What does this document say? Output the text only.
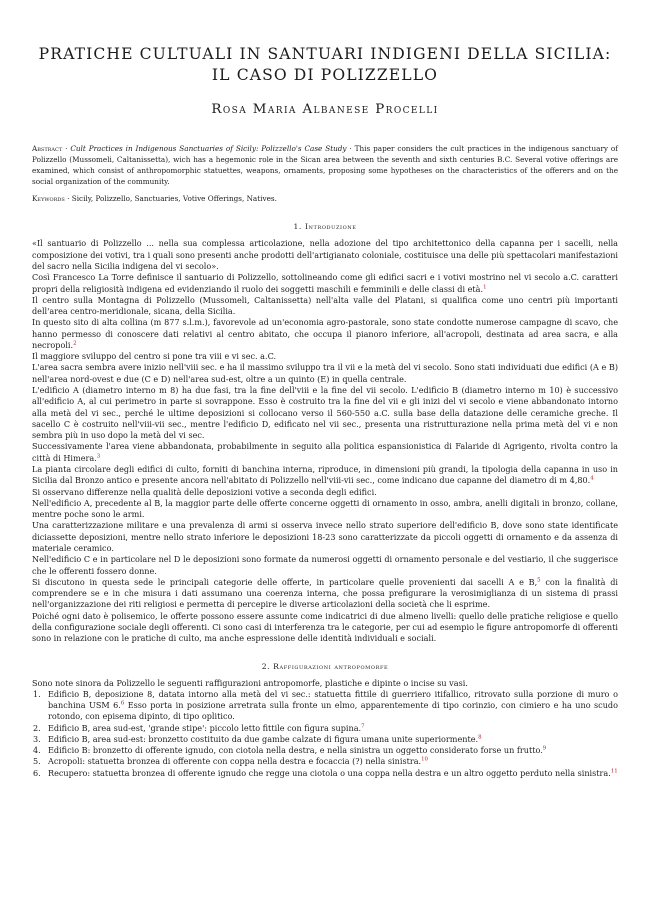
PRATICHE CULTUALI IN SANTUARI INDIGENI DELLA SICILIA:
IL CASO DI POLIZZELLO
Rosa Maria Albanese Procelli
Abstract · Cult Practices in Indigenous Sanctuaries of Sicily: Polizzello's Case Study · This paper considers the cult practices in the indigenous sanctuary of Polizzello (Mussomeli, Caltanissetta), wich has a hegemonic role in the Sican area between the seventh and sixth centuries B.C. Several votive offerings are examined, which consist of anthropomorphic statuettes, weapons, ornaments, proposing some hypotheses on the characteristics of the offerers and on the social organization of the community.
Keywords · Sicily, Polizzello, Sanctuaries, Votive Offerings, Natives.
1. Introduzione

«Il santuario di Polizzello ... nella sua complessa articolazione, nella adozione del tipo architettonico della capanna per i sacelli, nella composizione dei votivi, tra i quali sono presenti anche prodotti dell'artigianato coloniale, costituisce una delle più spettacolari manifestazioni del sacro nella Sicilia indigena del vi secolo».

Così Francesco La Torre definisce il santuario di Polizzello, sottolineando come gli edifici sacri e i votivi mostrino nel vi secolo a.C. caratteri propri della religiosità indigena ed evidenziando il ruolo dei soggetti maschili e femminili e delle classi di età.$^1$

Il centro sulla Montagna di Polizzello (Mussomeli, Caltanissetta) nell'alta valle del Platani, si qualifica come uno centri più importanti dell'area centro-meridionale, sicana, della Sicilia.

In questo sito di alta collina (m 877 s.l.m.), favorevole ad un'economia agro-pastorale, sono state condotte numerose campagne di scavo, che hanno permesso di conoscere dati relativi al centro abitato, che occupa il pianoro inferiore, all'acropoli, destinata ad area sacra, e alla necropoli.$^2$

Il maggiore sviluppo del centro si pone tra viii e vi sec. a.C.

L'area sacra sembra avere inizio nell'viii sec. e ha il massimo sviluppo tra il vii e la metà del vi secolo. Sono stati individuati due edifici (A e B) nell'area nord-ovest e due (C e D) nell'area sud-est, oltre a un quinto (E) in quella centrale.

L'edificio A (diametro interno m 8) ha due fasi, tra la fine dell'viii e la fine del vii secolo. L'edificio B (diametro interno m 10) è successivo all'edificio A, al cui perimetro in parte si sovrappone. Esso è costruito tra la fine del vii e gli inizi del vi secolo e viene abbandonato intorno alla metà del vi sec., perché le ultime deposizioni si collocano verso il 560-550 a.C. sulla base della datazione delle ceramiche greche. Il sacello C è costruito nell'viii-vii sec., mentre l'edificio D, edificato nel vii sec., presenta una ristrutturazione nella prima metà del vi e non sembra più in uso dopo la metà del vi sec.

Successivamente l'area viene abbandonata, probabilmente in seguito alla politica espansionistica di Falaride di Agrigento, rivolta contro la città di Himera.$^3$

La pianta circolare degli edifici di culto, forniti di banchina interna, riproduce, in dimensioni più grandi, la tipologia della capanna in uso in Sicilia dal Bronzo antico e presente ancora nell'abitato di Polizzello nell'viii-vii sec., come indicano due capanne del diametro di m 4,80.$^4$

Si osservano differenze nella qualità delle deposizioni votive a seconda degli edifici.

Nell'edificio A, precedente al B, la maggior parte delle offerte concerne oggetti di ornamento in osso, ambra, anelli digitali in bronzo, collane, mentre poche sono le armi.

Una caratterizzazione militare e una prevalenza di armi si osserva invece nello strato superiore dell'edificio B, dove sono state identificate diciassette deposizioni, mentre nello strato inferiore le deposizioni 18-23 sono caratterizzate da piccoli oggetti di ornamento e da assenza di materiale ceramico.

Nell'edificio C e in particolare nel D le deposizioni sono formate da numerosi oggetti di ornamento personale e del vestiario, il che suggerisce che le offerenti fossero donne.

Si discutono in questa sede le principali categorie delle offerte, in particolare quelle provenienti dai sacelli A e B,$^5$ con la finalità di comprendere se e in che misura i dati assumano una coerenza interna, che possa prefigurare la verosimiglianza di un sistema di prassi nell'organizzazione dei riti religiosi e permetta di percepire le diverse articolazioni della società che li esprime.

Poiché ogni dato è polisemico, le offerte possono essere assunte come indicatrici di due almeno livelli: quello delle pratiche religiose e quello della configurazione sociale degli offerenti. Ci sono casi di interferenza tra le categorie, per cui ad esempio le figure antropomorfe di offerenti sono in relazione con le pratiche di culto, ma anche espressione delle identità individuali e sociali.

2. Raffigurazioni antropomorfe
Sono note sinora da Polizzello le seguenti raffigurazioni antropomorfe, plastiche e dipinte o incise su vasi.
1. Edificio B, deposizione 8, datata intorno alla metà del vi sec.: statuetta fittile di guerriero itifallico, ritrovato sulla porzione di muro o banchina USM 6.$^6$ Esso porta in posizione arretrata sulla fronte un elmo, apparentemente di tipo corinzio, con cimiero e ha uno scudo rotondo, con episema dipinto, di tipo oplitico.
2. Edificio B, area sud-est, 'grande stipe': piccolo letto fittile con figura supina.$^7$
3. Edificio B, area sud-est: bronzetto costituito da due gambe calzate di figura umana unite superiormente.$^8$
4. Edificio B: bronzetto di offerente ignudo, con ciotola nella destra, e nella sinistra un oggetto considerato forse un frutto.$^9$
5. Acropoli: statuetta bronzea di offerente con coppa nella destra e focaccia (?) nella sinistra.$^{10}$
6. Recupero: statuetta bronzea di offerente ignudo che regge una ciotola o una coppa nella destra e un altro oggetto perduto nella sinistra.$^{11}$
